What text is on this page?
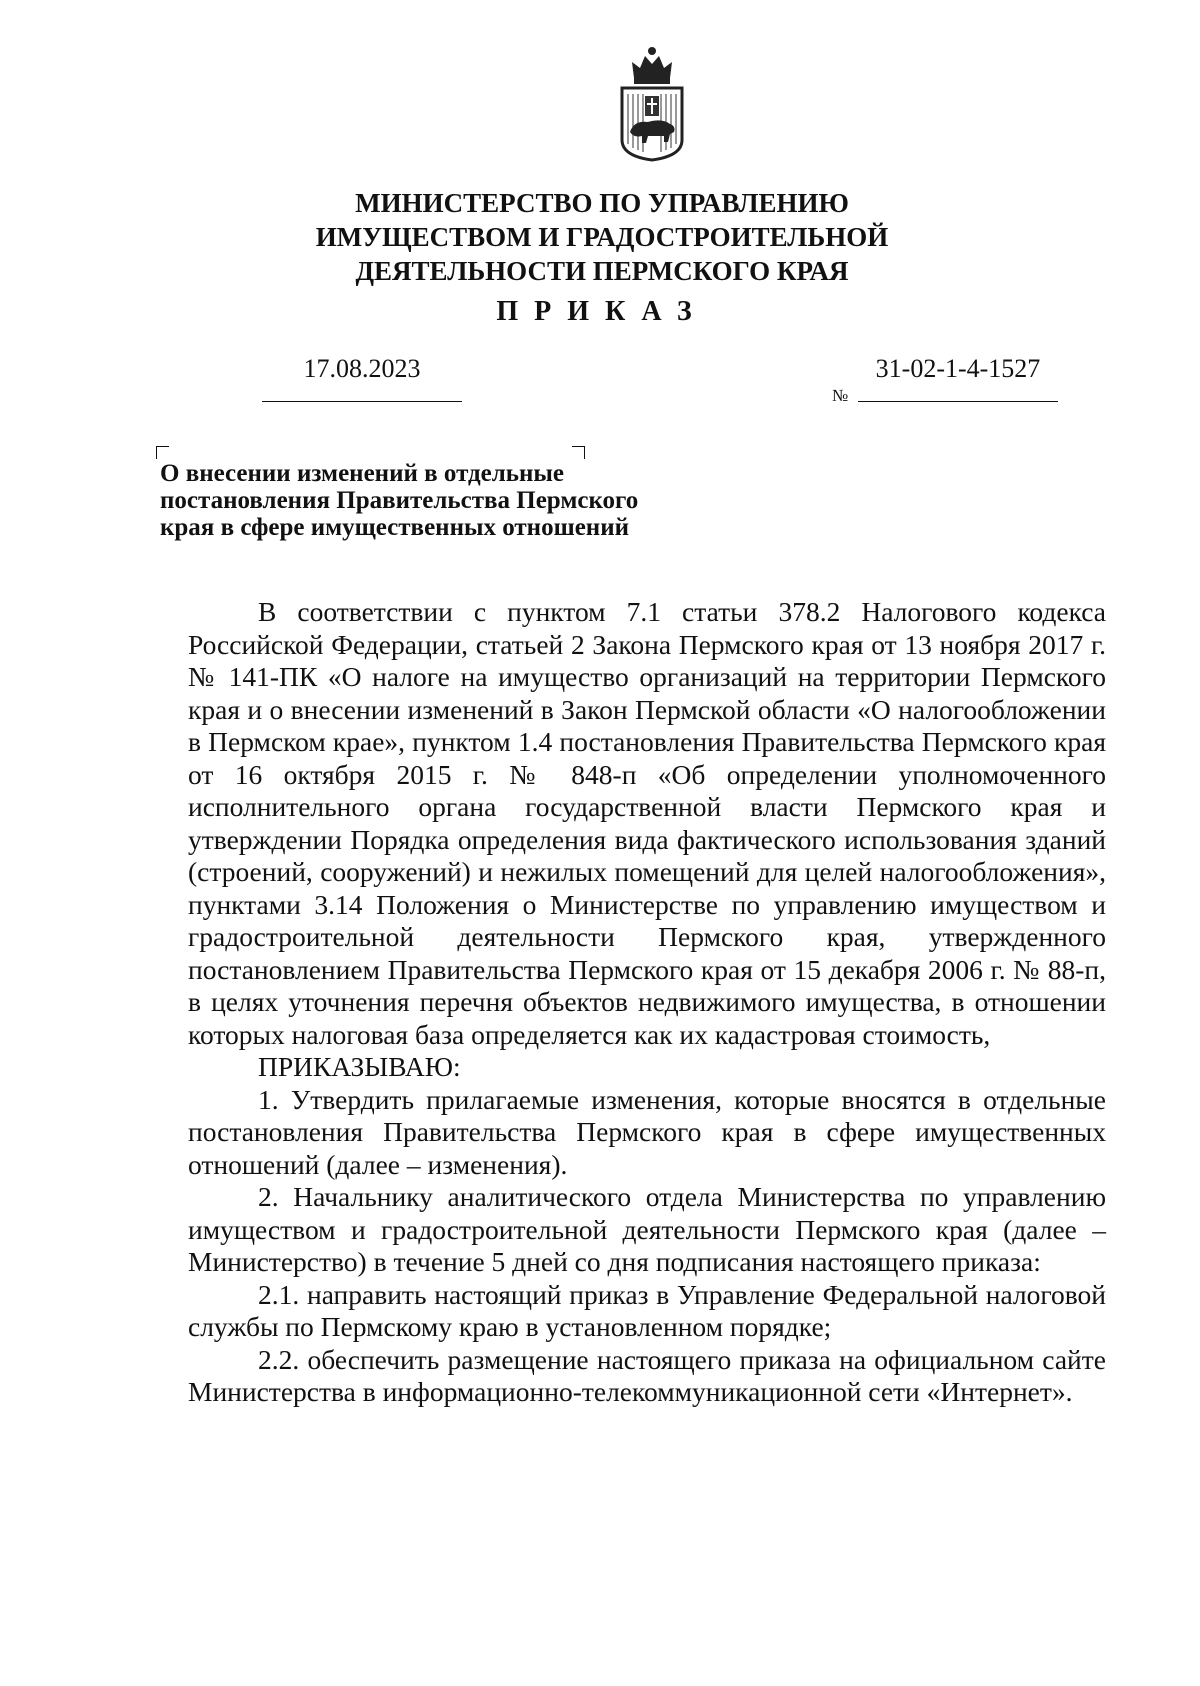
МИНИСТЕРСТВО ПО УПРАВЛЕНИЮ
ИМУЩЕСТВОМ И ГРАДОСТРОИТЕЛЬНОЙ
ДЕЯТЕЛЬНОСТИ ПЕРМСКОГО КРАЯ
ПРИКАЗ
17.08.2023
№
31-02-1-4-1527
О внесении изменений в отдельные
постановления Правительства Пермского
края в сфере имущественных отношений

В соответствии с пунктом 7.1 статьи 378.2 Налогового кодекса Российской Федерации, статьей 2 Закона Пермского края от 13 ноября 2017 г. № 141-ПК «О налоге на имущество организаций на территории Пермского края и о внесении изменений в Закон Пермской области «О налогообложении в Пермском крае», пунктом 1.4 постановления Правительства Пермского края от 16 октября 2015 г. № 848-п «Об определении уполномоченного исполнительного органа государственной власти Пермского края и утверждении Порядка определения вида фактического использования зданий (строений, сооружений) и нежилых помещений для целей налогообложения», пунктами 3.14 Положения о Министерстве по управлению имуществом и градостроительной деятельности Пермского края, утвержденного постановлением Правительства Пермского края от 15 декабря 2006 г. № 88-п, в целях уточнения перечня объектов недвижимого имущества, в отношении которых налоговая база определяется как их кадастровая стоимость,

ПРИКАЗЫВАЮ:

1. Утвердить прилагаемые изменения, которые вносятся в отдельные постановления Правительства Пермского края в сфере имущественных отношений (далее – изменения).

2. Начальнику аналитического отдела Министерства по управлению имуществом и градостроительной деятельности Пермского края (далее – Министерство) в течение 5 дней со дня подписания настоящего приказа:

2.1. направить настоящий приказ в Управление Федеральной налоговой службы по Пермскому краю в установленном порядке;

2.2. обеспечить размещение настоящего приказа на официальном сайте Министерства в информационно-телекоммуникационной сети «Интернет».
